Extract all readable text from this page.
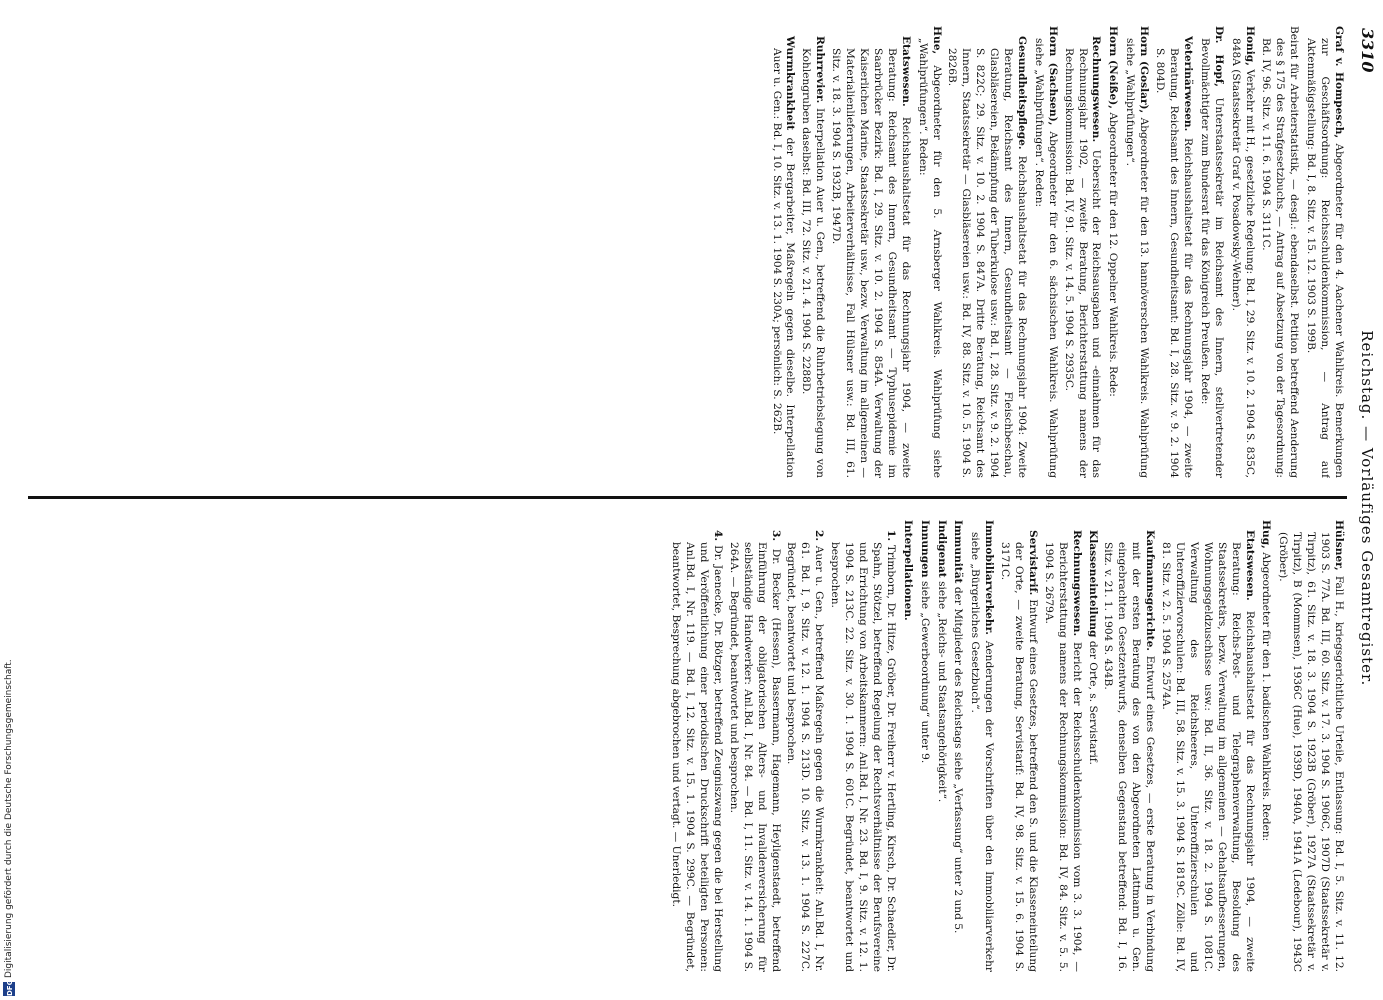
3310
Reichstag. — Vorläufiges Gesamtregister.
Graf v. Hompesch, Abgeordneter für den 4. Aachener Wahlkreis. Bemerkungen zur Geschäftsordnung: Reichsschuldenkommission, — Antrag auf Aktenmäßigstellung: Bd. I, 8. Sitz. v. 15. 12. 1903 S. 199B.
Beirat für Arbeiterstatistik, — desgl.: ebendaselbst. Petition betreffend Aenderung des § 175 des Strafgesetzbuchs, — Antrag auf Absetzung von der Tagesordnung: Bd. IV, 96. Sitz. v. 11. 6. 1904 S. 3111C.
Honig, Verkehr mit H., gesetzliche Regelung: Bd. I, 29. Sitz. v. 10. 2. 1904 S. 835C, 848A (Staatssekretär Graf v. Posadowsky-Wehner).
Dr. Hopf, Unterstaatssekretär im Reichsamt des Innern, stellvertretender Bevollmächtigter zum Bundesrat für das Königreich Preußen. Rede:
Veterinärwesen. Reichshaushaltsetat für das Rechnungsjahr 1904, — zweite Beratung, Reichsamt des Innern, Gesundheitsamt: Bd. I, 28. Sitz. v. 9. 2. 1904 S. 804D.
Horn (Goslar), Abgeordneter für den 13. hannöverschen Wahlkreis. Wahlprüfung siehe „Wahlprüfungen“.
Horn (Neiße), Abgeordneter für den 12. Oppelner Wahlkreis. Rede:
Rechnungswesen. Uebersicht der Reichsausgaben und -einnahmen für das Rechnungsjahr 1902, — zweite Beratung, Berichterstattung namens der Rechnungskommission: Bd. IV, 91. Sitz. v. 14. 5. 1904 S. 2935C.
Horn (Sachsen), Abgeordneter für den 6. sächsischen Wahlkreis. Wahlprüfung siehe „Wahlprüfungen“. Reden:
Gesundheitspflege. Reichshaushaltsetat für das Rechnungsjahr 1904: Zweite Beratung, Reichsamt des Innern, Gesundheitsamt — Fleischbeschau, Glasbläsereien, Bekämpfung der Tuberkulose usw.: Bd. I, 28. Sitz. v. 9. 2. 1904 S. 822C; 29. Sitz. v. 10. 2. 1904 S. 847A. Dritte Beratung, Reichsamt des Innern, Staatssekretär — Glasbläsereien usw.: Bd. IV, 88. Sitz. v. 10. 5. 1904 S. 2826B.
Hue, Abgeordneter für den 5. Arnsberger Wahlkreis. Wahlprüfung siehe „Wahlprüfungen“. Reden:
Etatswesen. Reichshaushaltsetat für das Rechnungsjahr 1904, — zweite Beratung: Reichsamt des Innern, Gesundheitsamt — Typhusepidemie im Saarbrücker Bezirk: Bd. I, 29. Sitz. v. 10. 2. 1904 S. 854A. Verwaltung der Kaiserlichen Marine, Staatssekretär usw., bezw. Verwaltung im allgemeinen — Materialienlieferungen, Arbeiterverhältnisse, Fall Hülsner usw.: Bd. III, 61. Sitz. v. 18. 3. 1904 S. 1932B, 1947D.
Ruhrrevier. Interpellation Auer u. Gen., betreffend die Ruhrbetriebslegung von Kohlengruben daselbst: Bd. III, 72. Sitz. v. 21. 4. 1904 S. 2288D.
Wurmkrankheit der Bergarbeiter, Maßregeln gegen dieselbe. Interpellation Auer u. Gen.: Bd. I, 10. Sitz. v. 13. 1. 1904 S. 230A; persönlich: S. 262B.
Hülsner, Fall H., kriegsgerichtliche Urteile, Entlassung: Bd. I, 5. Sitz. v. 11. 12. 1903 S. 77A. Bd. III, 60. Sitz. v. 17. 3. 1904 S. 1906C, 1907D (Staatssekretär v. Tirpitz), 61. Sitz. v. 18. 3. 1904 S. 1923B (Gröber), 1927A (Staatssekretär v. Tirpitz), B (Mommsen), 1936C (Hue), 1939D, 1940A, 1941A (Ledebour), 1943C (Gröber).
Hug, Abgeordneter für den 1. badischen Wahlkreis. Reden:
Etatswesen. Reichshaushaltsetat für das Rechnungsjahr 1904, — zweite Beratung: Reichs-Post- und Telegraphenverwaltung, Besoldung des Staatssekretärs, bezw. Verwaltung im allgemeinen — Gehaltsaufbesserungen, Wohnungsgeldzuschüsse usw.: Bd. II, 36. Sitz. v. 18. 2. 1904 S. 1081C. Verwaltung des Reichsheeres, Unteroffizierschulen und Unteroffiziervorschulen: Bd. III, 58. Sitz. v. 15. 3. 1904 S. 1819C. Zölle: Bd. IV, 81. Sitz. v. 2. 5. 1904 S. 2574A.
Kaufmannsgerichte. Entwurf eines Gesetzes, — erste Beratung in Verbindung mit der ersten Beratung des von den Abgeordneten Lattmann u. Gen. eingebrachten Gesetzentwurfs, denselben Gegenstand betreffend: Bd. I, 16. Sitz. v. 21. 1. 1904 S. 434B.
Klasseneinteilung der Orte, s. Servistarif.
Rechnungswesen. Bericht der Reichsschuldenkommission vom 3. 3. 1904, — Berichterstattung namens der Rechnungskommission: Bd. IV, 84. Sitz. v. 5. 5. 1904 S. 2679A.
Servistarif. Entwurf eines Gesetzes, betreffend den S. und die Klasseneinteilung der Orte, — zweite Beratung, Servistarif: Bd. IV, 98. Sitz. v. 15. 6. 1904 S. 3171C.
Immobiliarverkehr. Aenderungen der Vorschriften über den Immobiliarverkehr siehe „Bürgerliches Gesetzbuch“.
Immunität der Mitglieder des Reichstags siehe „Verfassung“ unter 2 und 5.
Indigenat siehe „Reichs- und Staatsangehörigkeit“.
Innungen siehe „Gewerbeordnung“ unter 9.
Interpellationen.
1. Trimborn, Dr. Hitze, Gröber, Dr. Freiherr v. Hertling, Kirsch, Dr. Schaedler, Dr. Spahn, Stötzel, betreffend Regelung der Rechtsverhältnisse der Berufsvereine und Errichtung von Arbeitskammern: Anl.Bd. I, Nr. 23. Bd. I, 9. Sitz. v. 12. 1. 1904 S. 213C. 22. Sitz. v. 30. 1. 1904 S. 601C. Begründet, beantwortet und besprochen.
2. Auer u. Gen., betreffend Maßregeln gegen die Wurmkrankheit: Anl.Bd. I, Nr. 61. Bd. I, 9. Sitz. v. 12. 1. 1904 S. 213D. 10. Sitz. v. 13. 1. 1904 S. 227C. Begründet, beantwortet und besprochen.
3. Dr. Becker (Hessen), Bassermann, Hagemann, Heyligenstaedt, betreffend Einführung der obligatorischen Alters- und Invalidenversicherung für selbständige Handwerker: Anl.Bd. I, Nr. 84. — Bd. I, 11. Sitz. v. 14. 1. 1904 S. 264A. — Begründet, beantwortet und besprochen.
4. Dr. Jaenecke, Dr. Bötzger, betreffend Zeugniszwang gegen die bei Herstellung und Veröffentlichung einer periodischen Druckschrift beteiligten Personen: Anl.Bd. I, Nr. 119. — Bd. I, 12. Sitz. v. 15. 1. 1904 S. 299C. — Begründet, beantwortet, Besprechung abgebrochen und vertagt. — Unerledigt.
DFG
Digitalisierung gefördert durch die Deutsche Forschungsgemeinschaft.
